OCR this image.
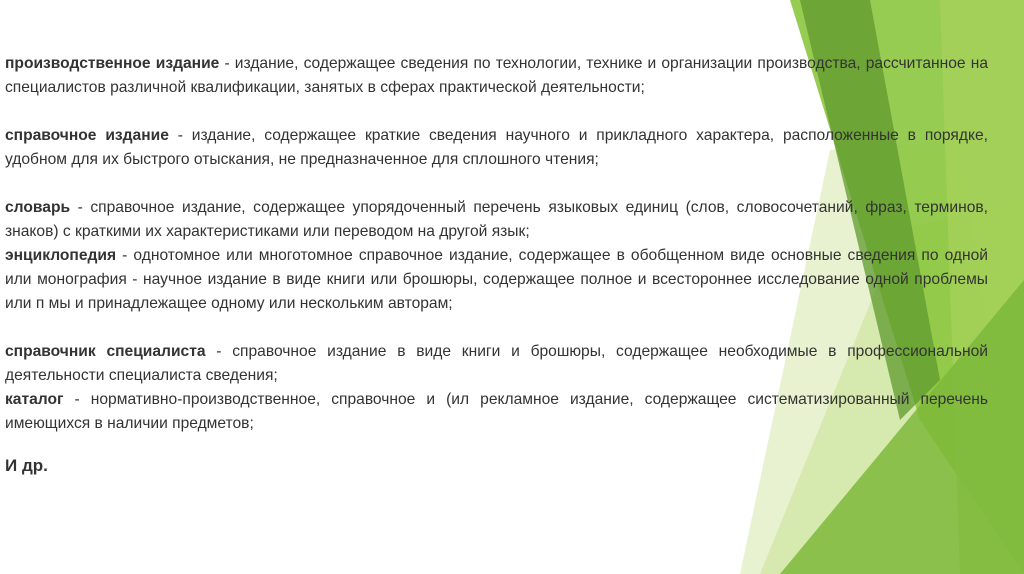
производственное издание - издание, содержащее сведения по технологии, технике и организации производства, рассчитанное на специалистов различной квалификации, занятых в сферах практической деятельности;

справочное издание - издание, содержащее краткие сведения научного и прикладного характера, расположенные в порядке, удобном для их быстрого отыскания, не предназначенное для сплошного чтения;

словарь - справочное издание, содержащее упорядоченный перечень языковых единиц (слов, словосочетаний, фраз, терминов, знаков) с краткими их характеристиками или переводом на другой язык;

энциклопедия - однотомное или многотомное справочное издание, содержащее в обобщенном виде основные сведения по одной или монография - научное издание в виде книги или брошюры, содержащее полное и всестороннее исследование одной проблемы или п мы и принадлежащее одному или нескольким авторам;

справочник специалиста - справочное издание в виде книги и брошюры, содержащее необходимые в профессиональной деятельности специалиста сведения;

каталог - нормативно-производственное, справочное и (ил рекламное издание, содержащее систематизированный перечень имеющихся в наличии предметов;

И др.
